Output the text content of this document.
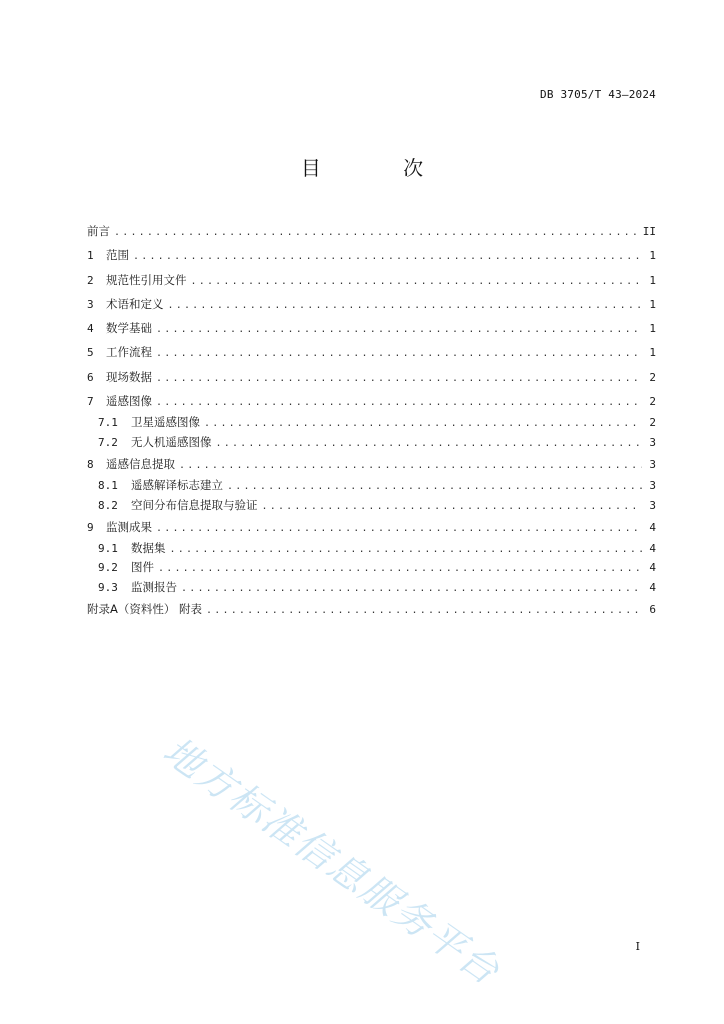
DB 3705/T 43—2024
目 次
前言 .....	II
1	范围 .....	1
2	规范性引用文件 .....	1
3	术语和定义 .....	1
4	数学基础 .....	1
5	工作流程 .....	1
6	现场数据 .....	2
7	遥感图像 .....	2
7.1	卫星遥感图像 .....	2
7.2	无人机遥感图像 .....	3
8	遥感信息提取 .....	3
8.1	遥感解译标志建立 .....	3
8.2	空间分布信息提取与验证 .....	3
9	监测成果 .....	4
9.1	数据集 .....	4
9.2	图件 .....	4
9.3	监测报告 .....	4
附录A（资料性） 附表 .....	6
地方标准信息服务平台	I
